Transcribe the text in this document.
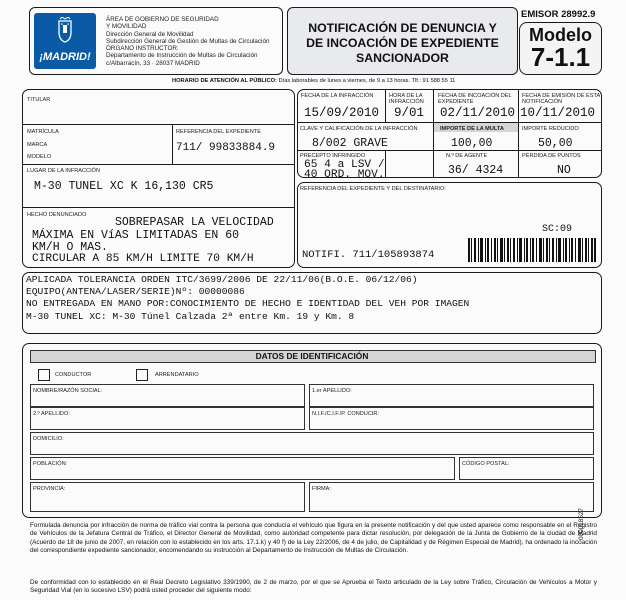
¡MADRID!
ÁREA DE GOBIERNO DE SEGURIDAD
Y MOVILIDAD
Dirección General de Movilidad
Subdirección General de Gestión de Multas de Circulación
ÓRGANO INSTRUCTOR:
Departamento de Instrucción de Multas de Circulación
c/Albarracín, 33 · 28037 MADRID
NOTIFICACIÓN DE DENUNCIA Y
DE INCOACIÓN DE EXPEDIENTE
SANCIONADOR
EMISOR 28992.9
Modelo
7-1.1
HORARIO DE ATENCIÓN AL PÚBLICO: Días laborables de lunes a viernes, de 9 a 13 horas. Tlf.: 91 588 55 11
TITULAR
MATRÍCULA
MARCA
MODELO
REFERENCIA DEL EXPEDIENTE
711/ 99833884.9
LUGAR DE LA INFRACCIÓN
M-30 TUNEL XC K 16,130 CR5
HECHO DENUNCIADO
SOBREPASAR LA VELOCIDAD
MÁXIMA EN VíAS LIMITADAS EN 60
KM/H O MAS.
CIRCULAR A 85 KM/H LIMITE 70 KM/H
FECHA DE LA INFRACCIÓN
15/09/2010
HORA DE LA INFRACCIÓN
9/01
FECHA DE INCOACIÓN DEL EXPEDIENTE
02/11/2010
FECHA DE EMISIÓN DE ESTA NOTIFICACIÓN
10/11/2010
CLAVE Y CALIFICACIÓN DE LA INFRACCIÓN
8/002 GRAVE
IMPORTE DE LA MULTA
100,00
IMPORTE REDUCIDO
50,00
PRECEPTO INFRINGIDO
65 4 a LSV /
40 ORD. MOV.
N.º DE AGENTE
36/ 4324
PÉRDIDA DE PUNTOS
NO
REFERENCIA DEL EXPEDIENTE Y DEL DESTINATARIO:
SC:09
NOTIFI. 711/105893874
APLICADA TOLERANCIA ORDEN ITC/3699/2006 DE 22/11/06(B.O.E. 06/12/06)
EQUIPO(ANTENA/LASER/SERIE)Nº: 00000086
NO ENTREGADA EN MANO POR:CONOCIMIENTO DE HECHO E IDENTIDAD DEL VEH POR IMAGEN
M-30 TUNEL XC: M-30 Túnel Calzada 2ª entre Km. 19 y Km. 8
DATOS DE IDENTIFICACIÓN
CONDUCTOR	ARRENDATARIO
NOMBRE/RAZÓN SOCIAL:	1.er APELLIDO:
2.º APELLIDO:	N.I.F./C.I.F./P. CONDUCIR:
DOMICILIO:
POBLACIÓN:	CÓDIGO POSTAL:
PROVINCIA:	FIRMA:
Formulada denuncia por infracción de norma de tráfico vial contra la persona que conducía el vehículo que figura en la presente notificación y del que usted aparece como responsable en el Registro de Vehículos de la Jefatura Central de Tráfico, el Director General de Movilidad, como autoridad competente para dictar resolución, por delegación de la Junta de Gobierno de la ciudad de Madrid (Acuerdo de 18 de junio de 2007, en relación con lo establecido en los arts. 17.1.k) y 40 f) de la Ley 22/2006, de 4 de julio, de Capitalidad y de Régimen Especial de Madrid), ha ordenado la incoación del correspondiente expediente sancionador, encomendando su instrucción al Departamento de Instrucción de Multas de Circulación.
De conformidad con lo establecido en el Real Decreto Legislativo 339/1990, de 2 de marzo, por el que se Aprueba el Texto articulado de la Ley sobre Tráfico, Circulación de Vehículos a Motor y Seguridad Vial (en lo sucesivo LSV) podrá usted proceder del siguiente modo:
000018527
